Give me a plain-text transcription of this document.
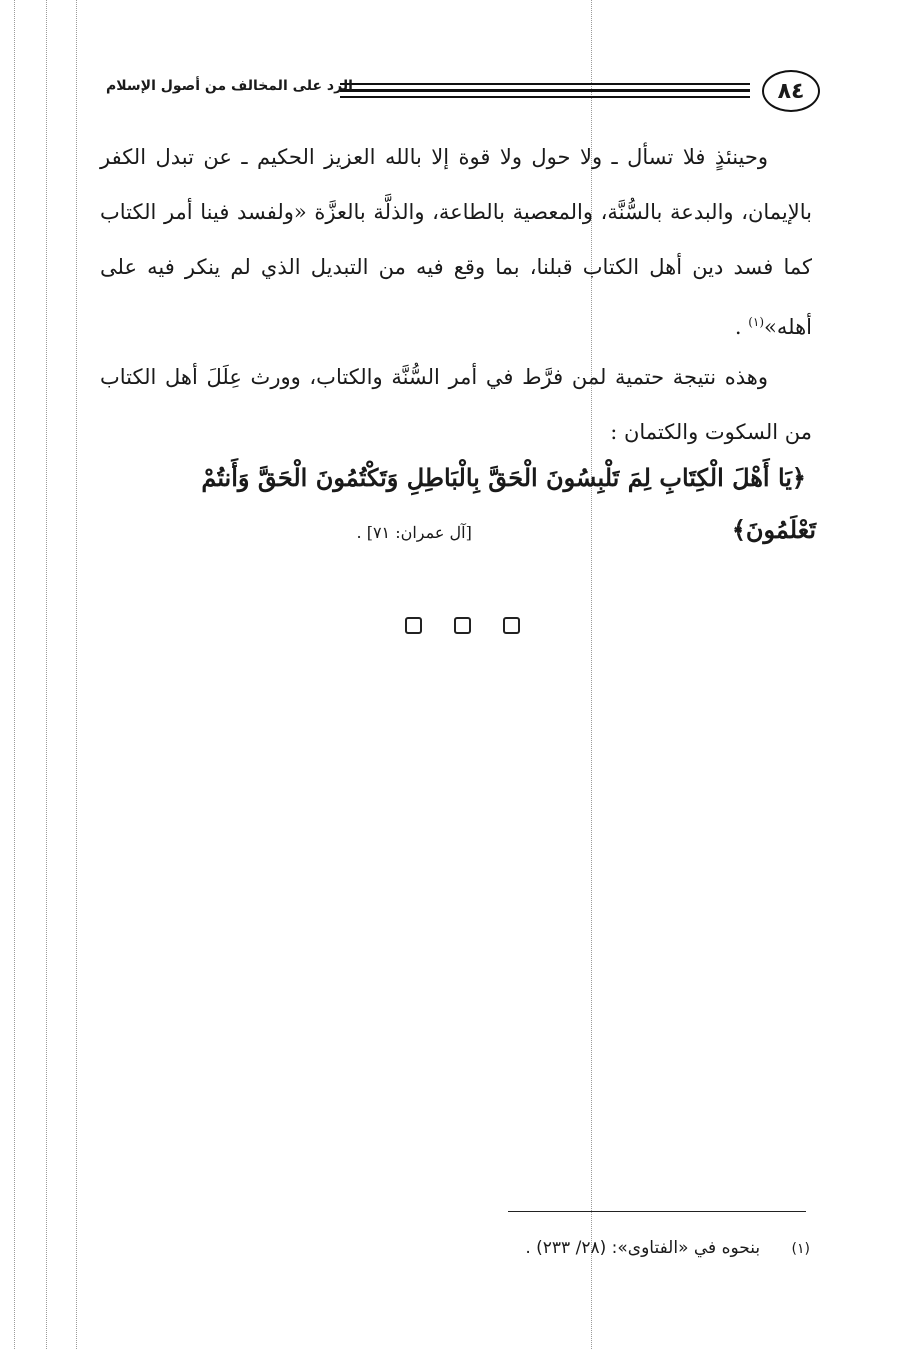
٨٤
الرد على المخالف من أصول الإسلام

وحينئذٍ فلا تسأل ـ ولا حول ولا قوة إلا بالله العزيز الحكيم ـ عن تبدل الكفر بالإيمان، والبدعة بالسُّنَّة، والمعصية بالطاعة، والذلَّة بالعزَّة «ولفسد فينا أمر الكتاب كما فسد دين أهل الكتاب قبلنا، بما وقع فيه من التبديل الذي لم ينكر فيه على أهله»$^{(١)}$ .

وهذه نتيجة حتمية لمن فرَّط في أمر السُّنَّة والكتاب، وورث عِلَلَ أهل الكتاب من السكوت والكتمان :

﴿يَا أَهْلَ الْكِتَابِ لِمَ تَلْبِسُونَ الْحَقَّ بِالْبَاطِلِ وَتَكْتُمُونَ الْحَقَّ وَأَنتُمْ
تَعْلَمُونَ﴾[آل عمران: ٧١] .
(١) بنحوه في «الفتاوى»: (٢٨/ ٢٣٣) .
